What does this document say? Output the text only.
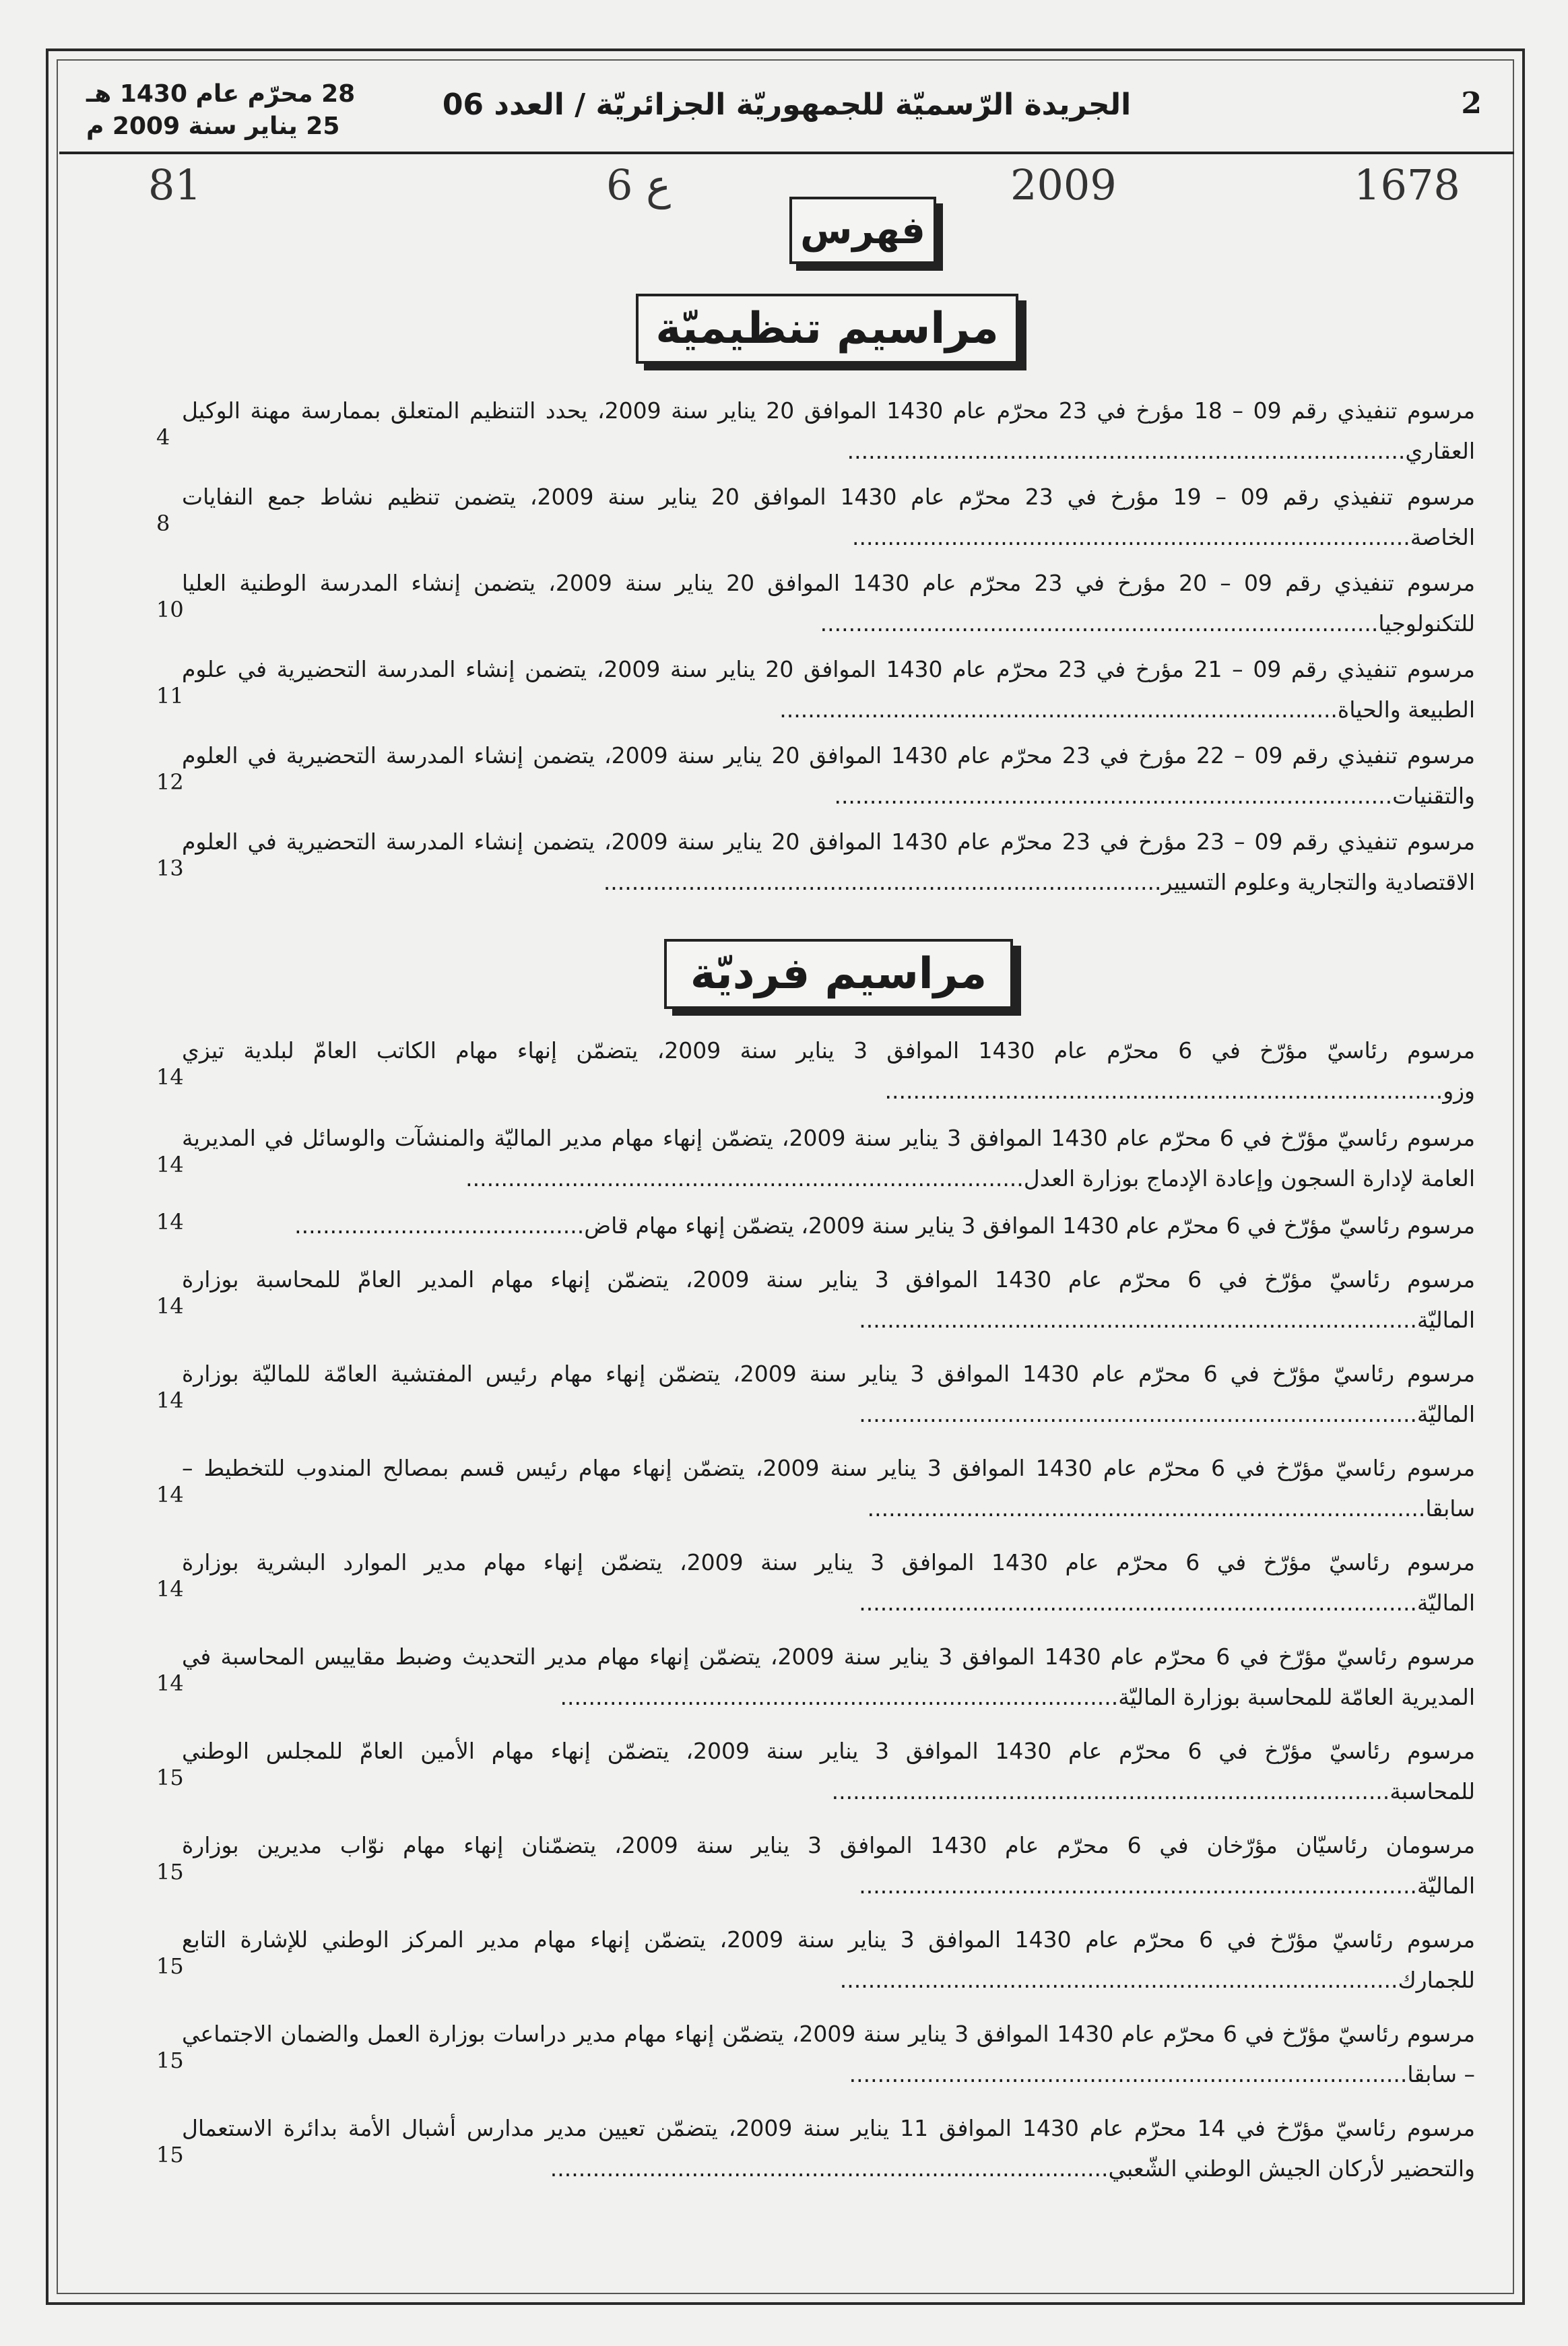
28 محرّم عام 1430 هـ
25 يناير سنة 2009 م
الجريدة الرّسميّة للجمهوريّة الجزائريّة / العدد 06	2
81	6 ع	2009	1678
فهرس
مراسيم تنظيميّة
مرسوم تنفيذي رقم 09 – 18 مؤرخ في 23 محرّم عام 1430 الموافق 20 يناير سنة 2009، يحدد التنظيم المتعلق بممارسة مهنة الوكيل العقاري...............................................................................
4
مرسوم تنفيذي رقم 09 – 19 مؤرخ في 23 محرّم عام 1430 الموافق 20 يناير سنة 2009، يتضمن تنظيم نشاط جمع النفايات الخاصة...............................................................................
8
مرسوم تنفيذي رقم 09 – 20 مؤرخ في 23 محرّم عام 1430 الموافق 20 يناير سنة 2009، يتضمن إنشاء المدرسة الوطنية العليا للتكنولوجيا...............................................................................
10
مرسوم تنفيذي رقم 09 – 21 مؤرخ في 23 محرّم عام 1430 الموافق 20 يناير سنة 2009، يتضمن إنشاء المدرسة التحضيرية في علوم الطبيعة والحياة...............................................................................
11
مرسوم تنفيذي رقم 09 – 22 مؤرخ في 23 محرّم عام 1430 الموافق 20 يناير سنة 2009، يتضمن إنشاء المدرسة التحضيرية في العلوم والتقنيات...............................................................................
12
مرسوم تنفيذي رقم 09 – 23 مؤرخ في 23 محرّم عام 1430 الموافق 20 يناير سنة 2009، يتضمن إنشاء المدرسة التحضيرية في العلوم الاقتصادية والتجارية وعلوم التسيير...............................................................................
13
مراسيم فرديّة
مرسوم رئاسيّ مؤرّخ في 6 محرّم عام 1430 الموافق 3 يناير سنة 2009، يتضمّن إنهاء مهام الكاتب العامّ لبلدية تيزي وزو...............................................................................
14
مرسوم رئاسيّ مؤرّخ في 6 محرّم عام 1430 الموافق 3 يناير سنة 2009، يتضمّن إنهاء مهام مدير الماليّة والمنشآت والوسائل في المديرية العامة لإدارة السجون وإعادة الإدماج بوزارة العدل...............................................................................
14
مرسوم رئاسيّ مؤرّخ في 6 محرّم عام 1430 الموافق 3 يناير سنة 2009، يتضمّن إنهاء مهام قاض.........................................
14
مرسوم رئاسيّ مؤرّخ في 6 محرّم عام 1430 الموافق 3 يناير سنة 2009، يتضمّن إنهاء مهام المدير العامّ للمحاسبة بوزارة الماليّة...............................................................................
14
مرسوم رئاسيّ مؤرّخ في 6 محرّم عام 1430 الموافق 3 يناير سنة 2009، يتضمّن إنهاء مهام رئيس المفتشية العامّة للماليّة بوزارة الماليّة...............................................................................
14
مرسوم رئاسيّ مؤرّخ في 6 محرّم عام 1430 الموافق 3 يناير سنة 2009، يتضمّن إنهاء مهام رئيس قسم بمصالح المندوب للتخطيط – سابقا...............................................................................
14
مرسوم رئاسيّ مؤرّخ في 6 محرّم عام 1430 الموافق 3 يناير سنة 2009، يتضمّن إنهاء مهام مدير الموارد البشرية بوزارة الماليّة...............................................................................
14
مرسوم رئاسيّ مؤرّخ في 6 محرّم عام 1430 الموافق 3 يناير سنة 2009، يتضمّن إنهاء مهام مدير التحديث وضبط مقاييس المحاسبة في المديرية العامّة للمحاسبة بوزارة الماليّة...............................................................................
14
مرسوم رئاسيّ مؤرّخ في 6 محرّم عام 1430 الموافق 3 يناير سنة 2009، يتضمّن إنهاء مهام الأمين العامّ للمجلس الوطني للمحاسبة...............................................................................
15
مرسومان رئاسيّان مؤرّخان في 6 محرّم عام 1430 الموافق 3 يناير سنة 2009، يتضمّنان إنهاء مهام نوّاب مديرين بوزارة الماليّة...............................................................................
15
مرسوم رئاسيّ مؤرّخ في 6 محرّم عام 1430 الموافق 3 يناير سنة 2009، يتضمّن إنهاء مهام مدير المركز الوطني للإشارة التابع للجمارك...............................................................................
15
مرسوم رئاسيّ مؤرّخ في 6 محرّم عام 1430 الموافق 3 يناير سنة 2009، يتضمّن إنهاء مهام مدير دراسات بوزارة العمل والضمان الاجتماعي – سابقا...............................................................................
15
مرسوم رئاسيّ مؤرّخ في 14 محرّم عام 1430 الموافق 11 يناير سنة 2009، يتضمّن تعيين مدير مدارس أشبال الأمة بدائرة الاستعمال والتحضير لأركان الجيش الوطني الشّعبي...............................................................................
15
